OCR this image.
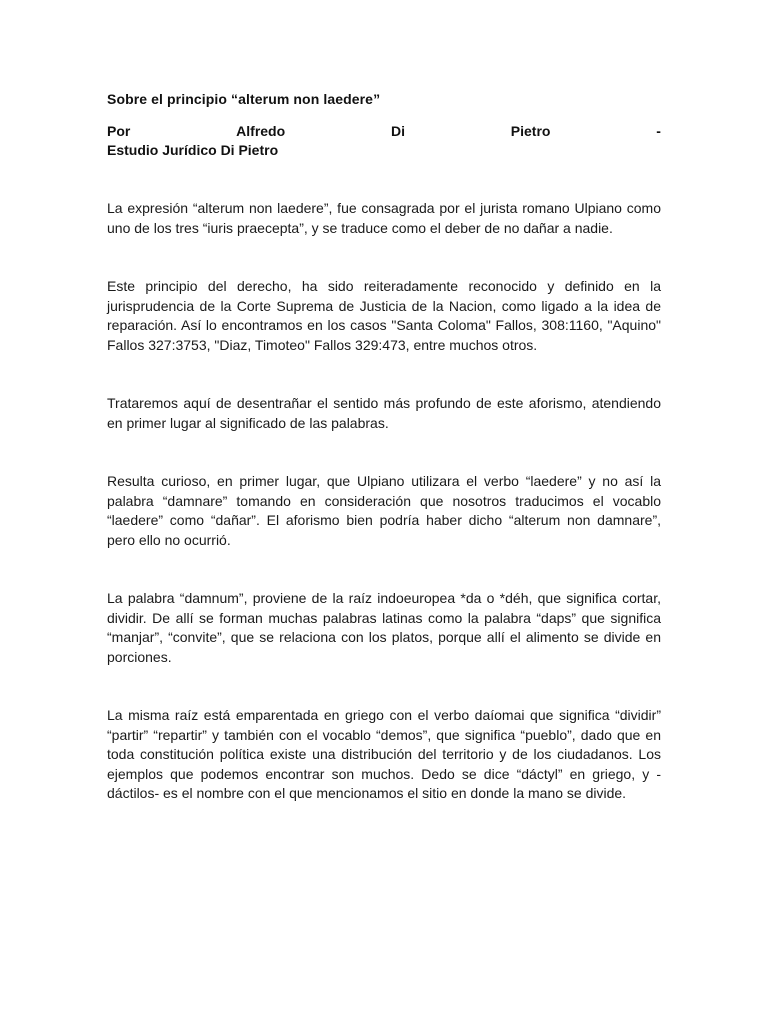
Sobre el principio “alterum non laedere”

Por	Alfredo	Di	Pietro	-

Estudio Jurídico Di Pietro

La expresión “alterum non laedere”, fue consagrada por el jurista romano Ulpiano como uno de los tres “iuris praecepta”, y se traduce como el deber de no dañar a nadie.

Este principio del derecho, ha sido reiteradamente reconocido y definido en la jurisprudencia de la Corte Suprema de Justicia de la Nacion, como ligado a la idea de reparación. Así lo encontramos en los casos "Santa Coloma" Fallos, 308:1160, "Aquino" Fallos 327:3753, "Diaz, Timoteo" Fallos 329:473, entre muchos otros.

Trataremos aquí de desentrañar el sentido más profundo de este aforismo, atendiendo en primer lugar al significado de las palabras.

Resulta curioso, en primer lugar, que Ulpiano utilizara el verbo “laedere” y no así la palabra “damnare” tomando en consideración que nosotros traducimos el vocablo “laedere” como “dañar”. El aforismo bien podría haber dicho “alterum non damnare”, pero ello no ocurrió.

La palabra “damnum”, proviene de la raíz indoeuropea *da o *déh, que significa cortar, dividir. De allí se forman muchas palabras latinas como la palabra “daps” que significa “manjar”, “convite”, que se relaciona con los platos, porque allí el alimento se divide en porciones.

La misma raíz está emparentada en griego con el verbo daíomai que significa “dividir” “partir” “repartir” y también con el vocablo “demos”, que significa “pueblo”, dado que en toda constitución política existe una distribución del territorio y de los ciudadanos. Los ejemplos que podemos encontrar son muchos. Dedo se dice “dáctyl” en griego, y -dáctilos- es el nombre con el que mencionamos el sitio en donde la mano se divide.
